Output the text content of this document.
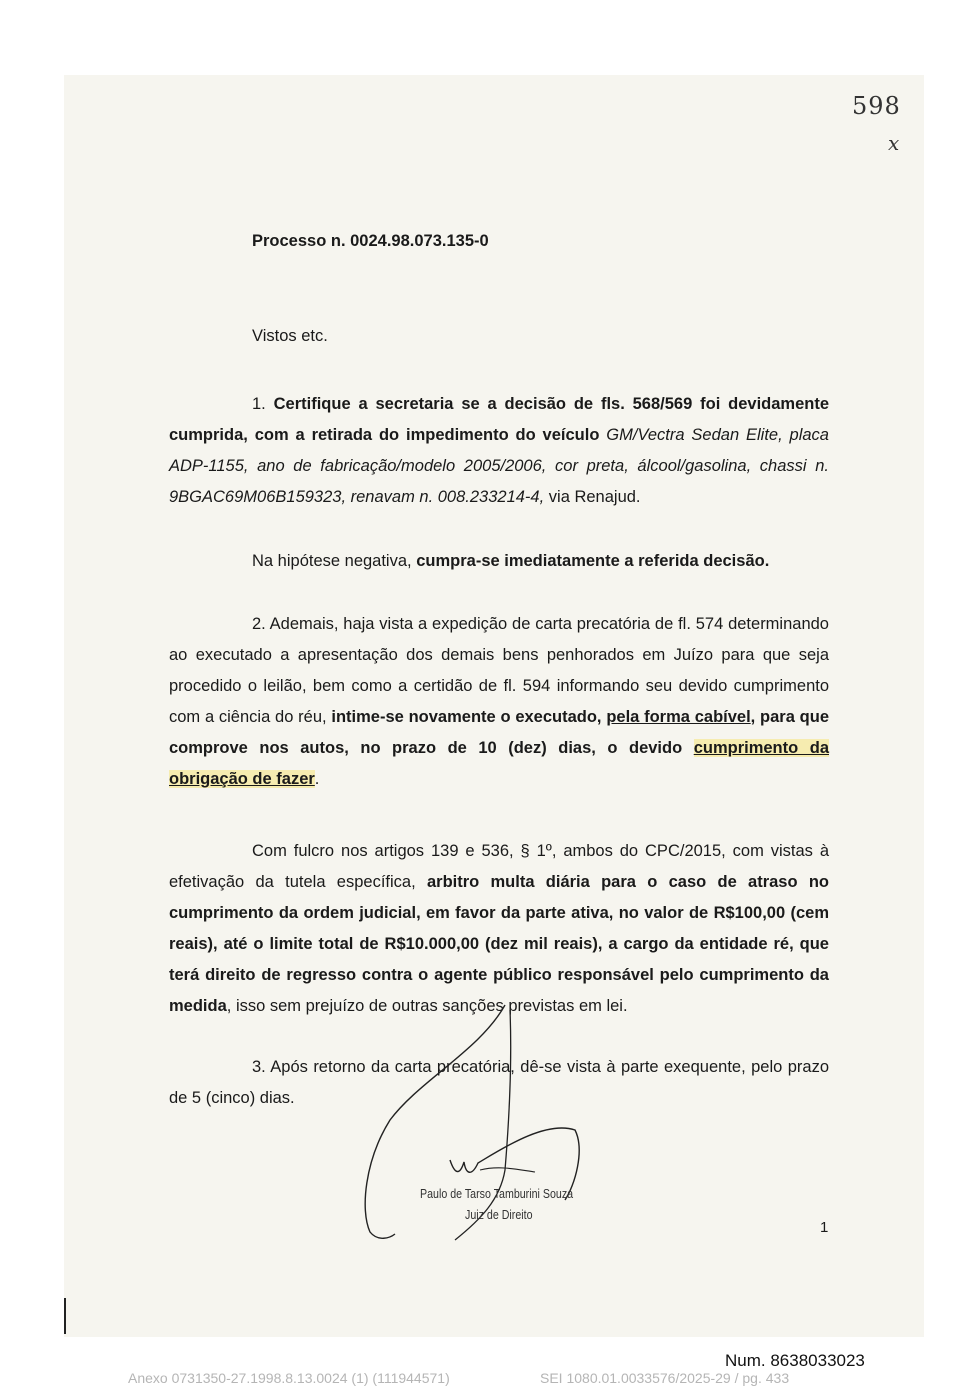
598
x

Processo n. 0024.98.073.135-0

Vistos etc.

1. Certifique a secretaria se a decisão de fls. 568/569 foi devidamente cumprida, com a retirada do impedimento do veículo GM/Vectra Sedan Elite, placa ADP-1155, ano de fabricação/modelo 2005/2006, cor preta, álcool/gasolina, chassi n. 9BGAC69M06B159323, renavam n. 008.233214-4, via Renajud.

Na hipótese negativa, cumpra-se imediatamente a referida decisão.

2. Ademais, haja vista a expedição de carta precatória de fl. 574 determinando ao executado a apresentação dos demais bens penhorados em Juízo para que seja procedido o leilão, bem como a certidão de fl. 594 informando seu devido cumprimento com a ciência do réu, intime-se novamente o executado, pela forma cabível, para que comprove nos autos, no prazo de 10 (dez) dias, o devido cumprimento da obrigação de fazer.

Com fulcro nos artigos 139 e 536, § 1º, ambos do CPC/2015, com vistas à efetivação da tutela específica, arbitro multa diária para o caso de atraso no cumprimento da ordem judicial, em favor da parte ativa, no valor de R$100,00 (cem reais), até o limite total de R$10.000,00 (dez mil reais), a cargo da entidade ré, que terá direito de regresso contra o agente público responsável pelo cumprimento da medida, isso sem prejuízo de outras sanções previstas em lei.

3. Após retorno da carta precatória, dê-se vista à parte exequente, pelo prazo de 5 (cinco) dias.

Paulo de Tarso Tamburini Souza
Juiz de Direito
1
Num. 8638033023
Anexo 0731350-27.1998.8.13.0024 (1) (111944571)	SEI 1080.01.0033576/2025-29 / pg. 433
